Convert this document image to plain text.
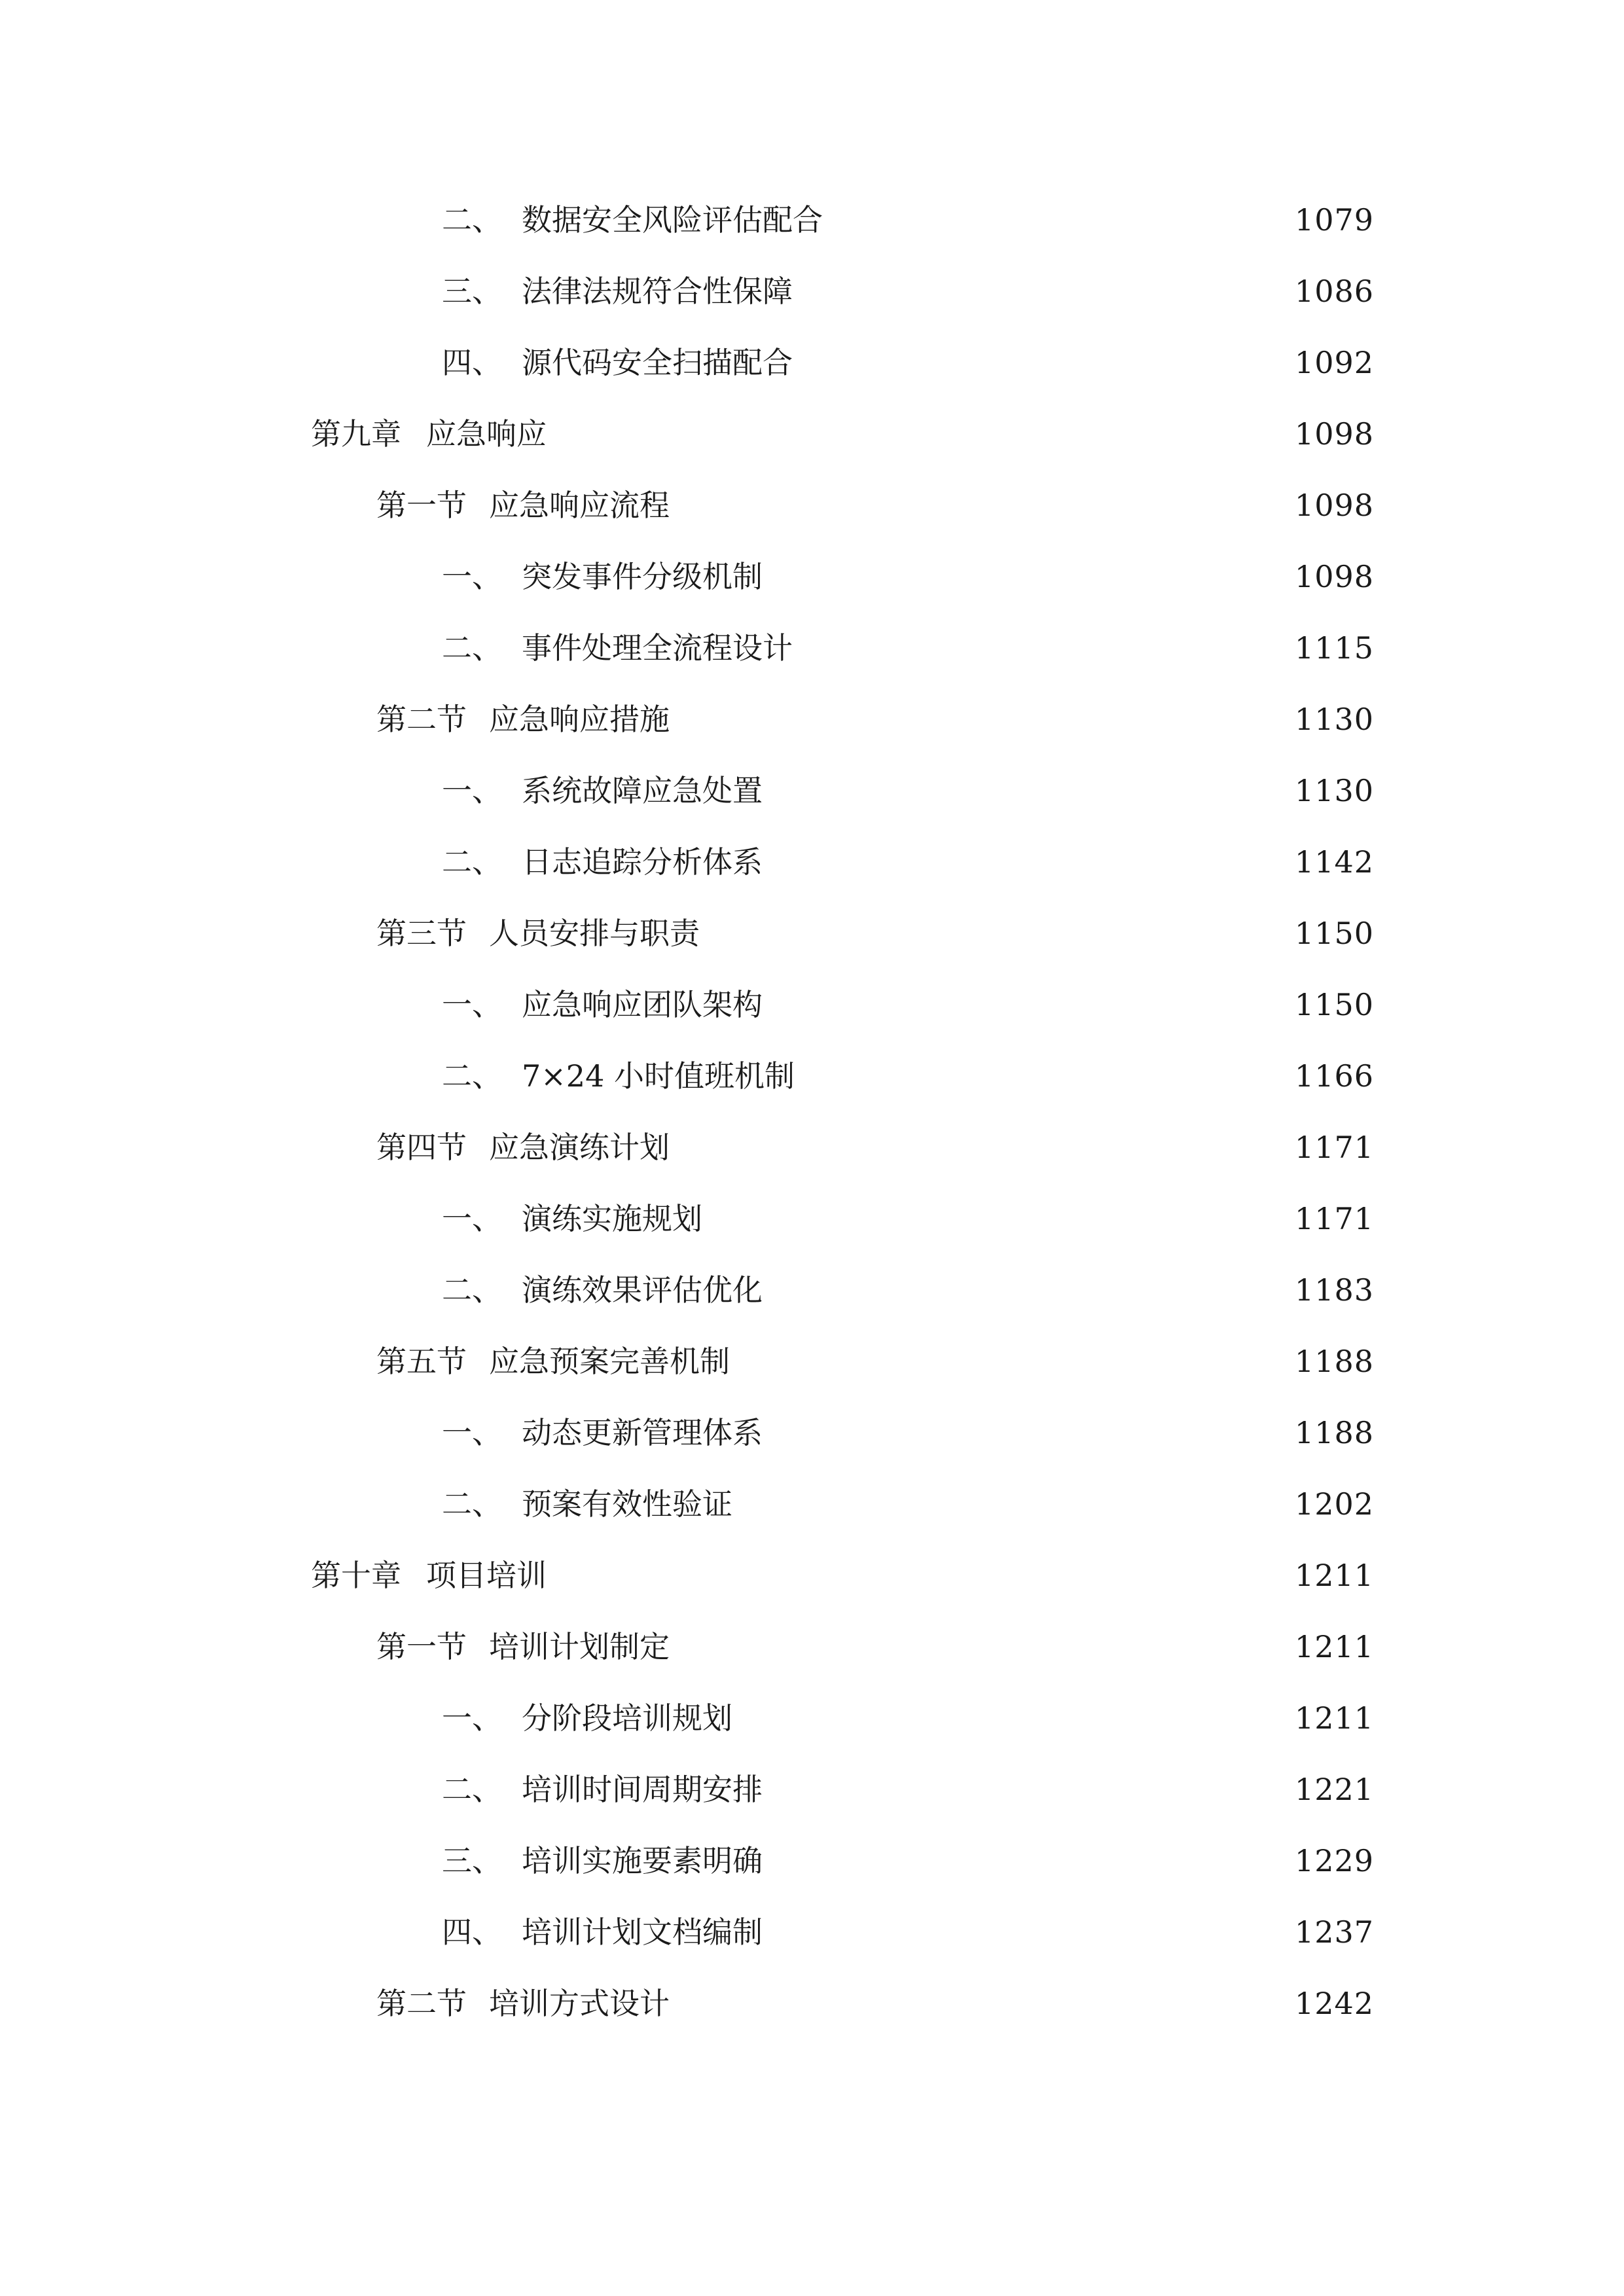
二、 数据安全风险评估配合	1079
三、 法律法规符合性保障	1086
四、 源代码安全扫描配合	1092
第九章 应急响应	1098
第一节 应急响应流程	1098
一、 突发事件分级机制	1098
二、 事件处理全流程设计	1115
第二节 应急响应措施	1130
一、 系统故障应急处置	1130
二、 日志追踪分析体系	1142
第三节 人员安排与职责	1150
一、 应急响应团队架构	1150
二、 7×24 小时值班机制	1166
第四节 应急演练计划	1171
一、 演练实施规划	1171
二、 演练效果评估优化	1183
第五节 应急预案完善机制	1188
一、 动态更新管理体系	1188
二、 预案有效性验证	1202
第十章 项目培训	1211
第一节 培训计划制定	1211
一、 分阶段培训规划	1211
二、 培训时间周期安排	1221
三、 培训实施要素明确	1229
四、 培训计划文档编制	1237
第二节 培训方式设计	1242
